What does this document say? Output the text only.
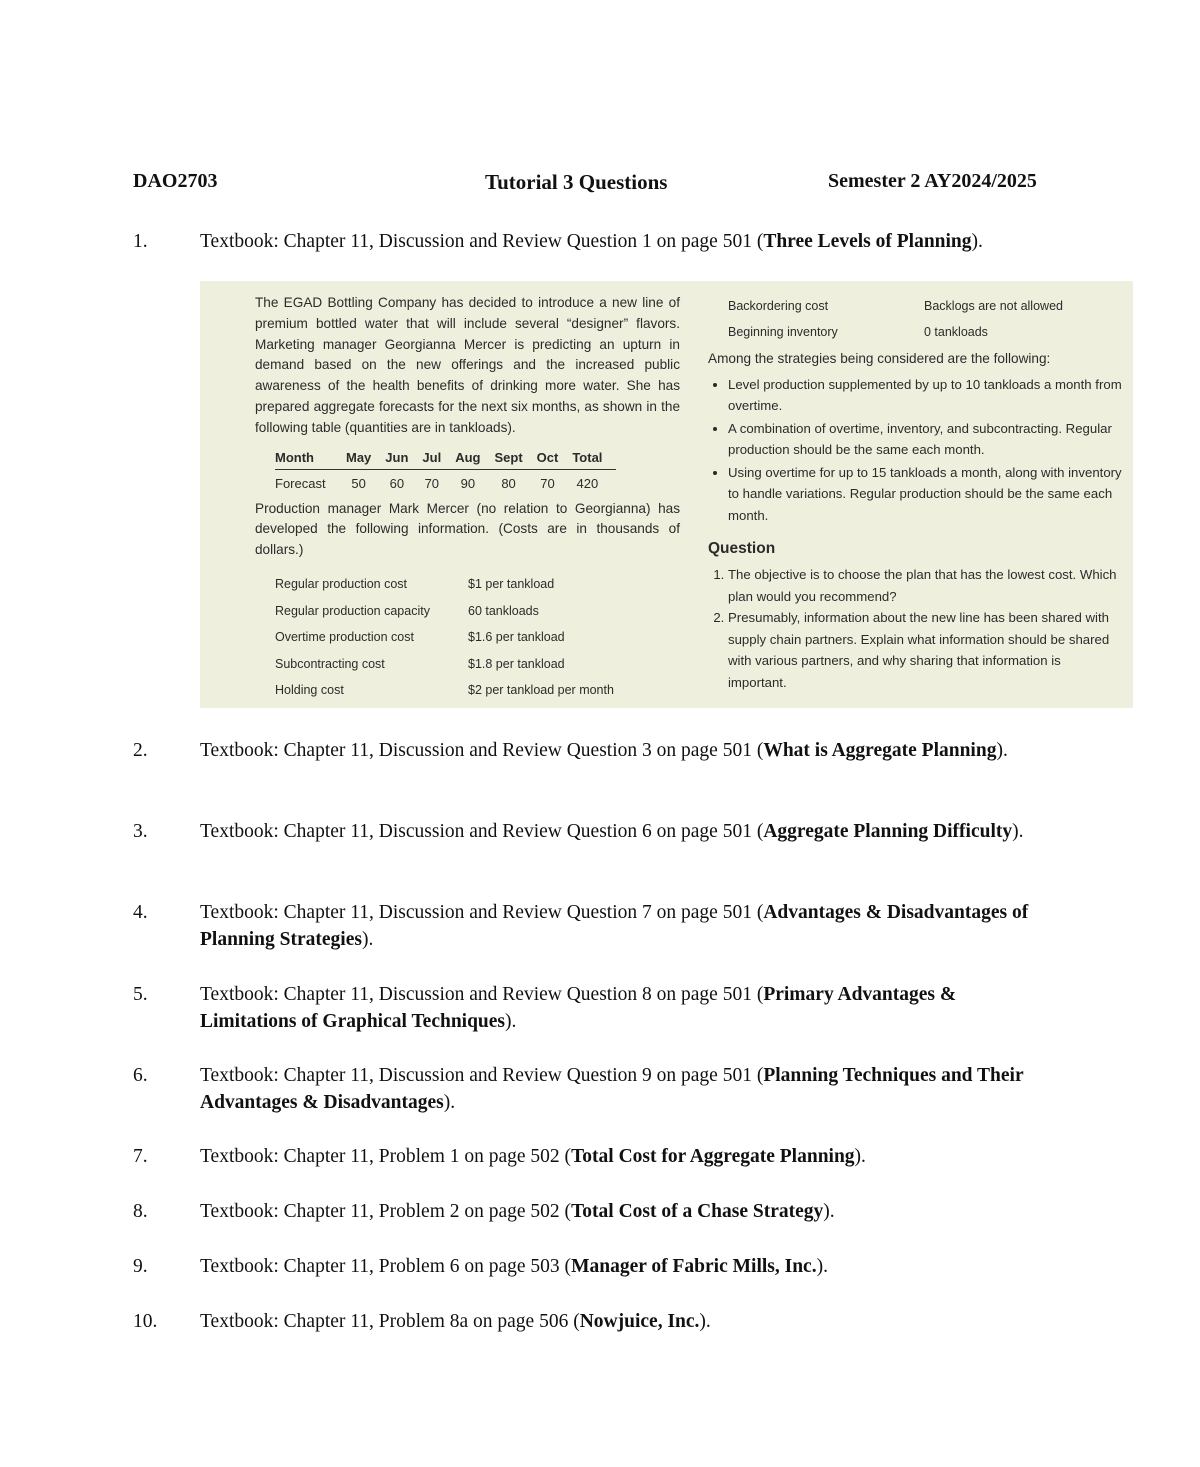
DAO2703	Tutorial 3 Questions	Semester 2 AY2024/2025
1.	Textbook: Chapter 11, Discussion and Review Question 1 on page 501 (Three Levels of Planning).

The EGAD Bottling Company has decided to introduce a new line of premium bottled water that will include several “designer” flavors. Marketing manager Georgianna Mercer is predicting an upturn in demand based on the new offerings and the increased public awareness of the health benefits of drinking more water. She has prepared aggregate forecasts for the next six months, as shown in the following table (quantities are in tankloads).

Month	May	Jun	Jul	Aug	Sept	Oct	Total
Forecast	50	60	70	90	80	70	420

Production manager Mark Mercer (no relation to Georgianna) has developed the following information. (Costs are in thousands of dollars.)

Regular production cost	$1 per tankload
Regular production capacity	60 tankloads
Overtime production cost	$1.6 per tankload
Subcontracting cost	$1.8 per tankload
Holding cost	$2 per tankload per month
Backordering cost	Backlogs are not allowed
Beginning inventory	0 tankloads

Among the strategies being considered are the following:

• Level production supplemented by up to 10 tankloads a month from overtime.
• A combination of overtime, inventory, and subcontracting. Regular production should be the same each month.
• Using overtime for up to 15 tankloads a month, along with inventory to handle variations. Regular production should be the same each month.
Question
1. The objective is to choose the plan that has the lowest cost. Which plan would you recommend?
2. Presumably, information about the new line has been shared with supply chain partners. Explain what information should be shared with various partners, and why sharing that information is important.
2.	Textbook: Chapter 11, Discussion and Review Question 3 on page 501 (What is Aggregate Planning).
3.	Textbook: Chapter 11, Discussion and Review Question 6 on page 501 (Aggregate Planning Difficulty).
4.	Textbook: Chapter 11, Discussion and Review Question 7 on page 501 (Advantages & Disadvantages of Planning Strategies).
5.	Textbook: Chapter 11, Discussion and Review Question 8 on page 501 (Primary Advantages & Limitations of Graphical Techniques).
6.	Textbook: Chapter 11, Discussion and Review Question 9 on page 501 (Planning Techniques and Their Advantages & Disadvantages).
7.	Textbook: Chapter 11, Problem 1 on page 502 (Total Cost for Aggregate Planning).
8.	Textbook: Chapter 11, Problem 2 on page 502 (Total Cost of a Chase Strategy).
9.	Textbook: Chapter 11, Problem 6 on page 503 (Manager of Fabric Mills, Inc.).
10. Textbook: Chapter 11, Problem 8a on page 506 (Nowjuice, Inc.).
